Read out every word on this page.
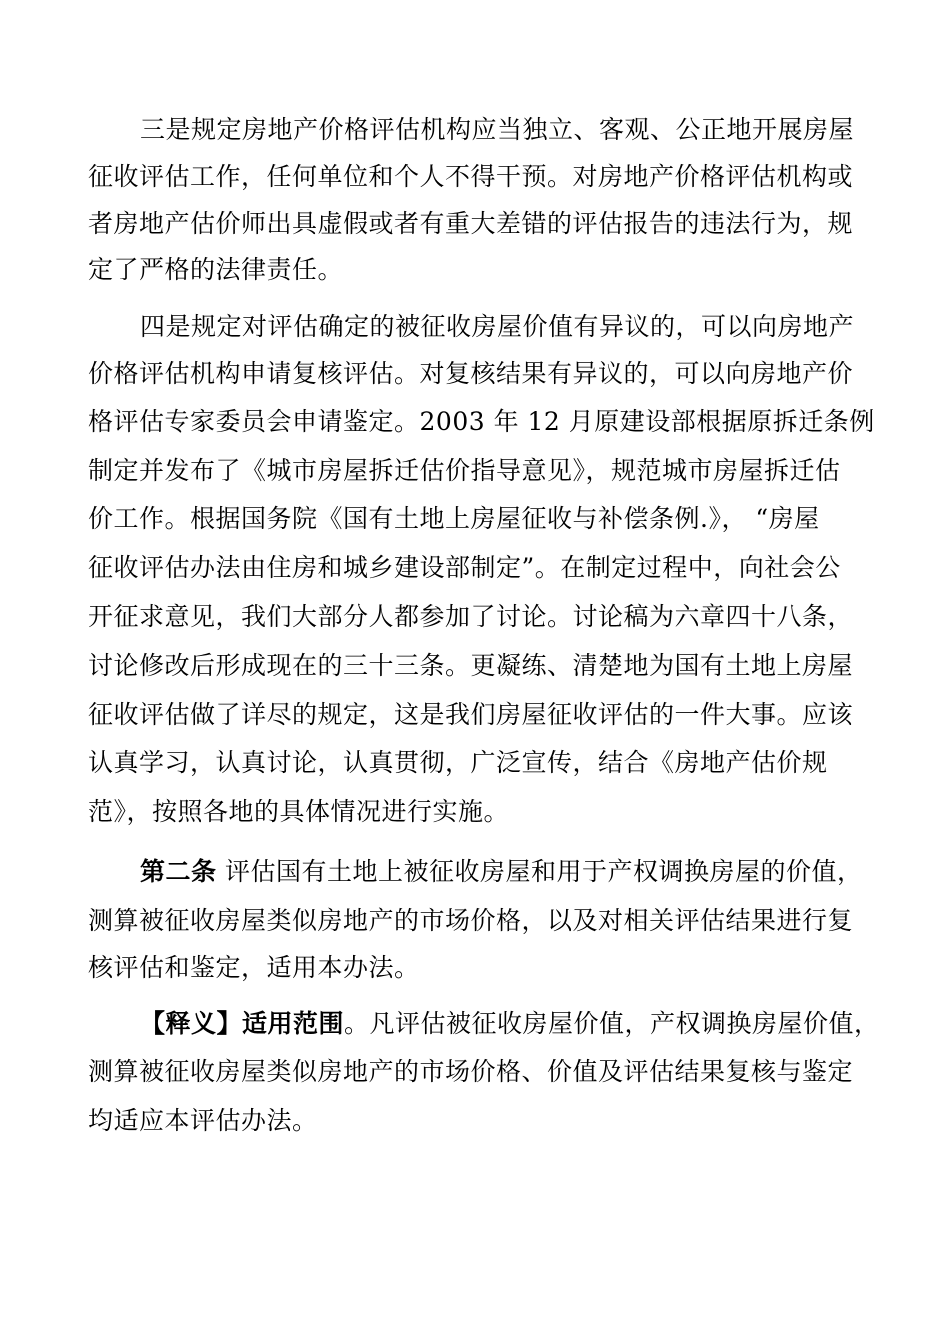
三是规定房地产价格评估机构应当独立、客观、公正地开展房屋
征收评估工作，任何单位和个人不得干预。对房地产价格评估机构或
者房地产估价师出具虚假或者有重大差错的评估报告的违法行为，规
定了严格的法律责任。
四是规定对评估确定的被征收房屋价值有异议的，可以向房地产
价格评估机构申请复核评估。对复核结果有异议的，可以向房地产价
格评估专家委员会申请鉴定。2003 年 12 月原建设部根据原拆迁条例
制定并发布了《城市房屋拆迁估价指导意见》，规范城市房屋拆迁估
价工作。根据国务院《国有土地上房屋征收与补偿条例.》， “房屋
征收评估办法由住房和城乡建设部制定”。在制定过程中，向社会公
开征求意见，我们大部分人都参加了讨论。讨论稿为六章四十八条，
讨论修改后形成现在的三十三条。更凝练、清楚地为国有土地上房屋
征收评估做了详尽的规定，这是我们房屋征收评估的一件大事。应该
认真学习，认真讨论，认真贯彻，广泛宣传，结合《房地产估价规
范》，按照各地的具体情况进行实施。
第二条 评估国有土地上被征收房屋和用于产权调换房屋的价值，
测算被征收房屋类似房地产的市场价格，以及对相关评估结果进行复
核评估和鉴定，适用本办法。
【释义】适用范围。凡评估被征收房屋价值，产权调换房屋价值，
测算被征收房屋类似房地产的市场价格、价值及评估结果复核与鉴定
均适应本评估办法。
